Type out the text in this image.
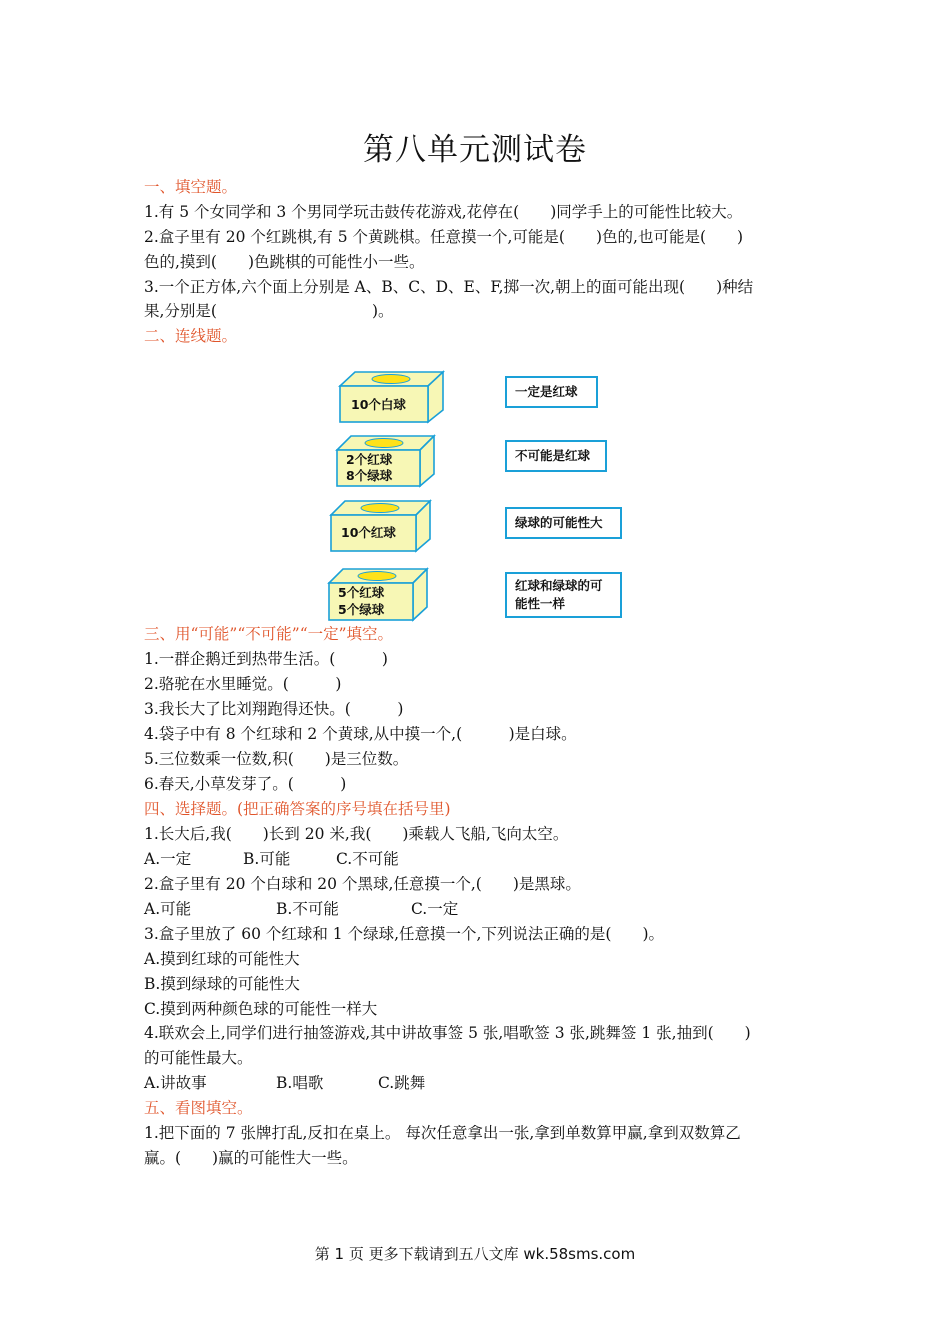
第八单元测试卷
一、填空题。
1.有 5 个女同学和 3 个男同学玩击鼓传花游戏,花停在(　　)同学手上的可能性比较大。
2.盒子里有 20 个红跳棋,有 5 个黄跳棋。任意摸一个,可能是(　　)色的,也可能是(　　)
色的,摸到(　　)色跳棋的可能性小一些。
3.一个正方体,六个面上分别是 A、B、C、D、E、F,掷一次,朝上的面可能出现(　　)种结
果,分别是(　　　　　　　　　　)。
二、连线题。
10个白球
2个红球
8个绿球
10个红球
5个红球
5个绿球
一定是红球
不可能是红球
绿球的可能性大
红球和绿球的可
能性一样
三、用“可能”“不可能”“一定”填空。
1.一群企鹅迁到热带生活。(　　　)
2.骆驼在水里睡觉。(　　　)
3.我长大了比刘翔跑得还快。(　　　)
4.袋子中有 8 个红球和 2 个黄球,从中摸一个,(　　　)是白球。
5.三位数乘一位数,积(　　)是三位数。
6.春天,小草发芽了。(　　　)
四、选择题。(把正确答案的序号填在括号里)
1.长大后,我(　　)长到 20 米,我(　　)乘载人飞船,飞向太空。
A.一定	B.可能	C.不可能
2.盒子里有 20 个白球和 20 个黑球,任意摸一个,(　　)是黑球。
A.可能	B.不可能	C.一定
3.盒子里放了 60 个红球和 1 个绿球,任意摸一个,下列说法正确的是(　　)。
A.摸到红球的可能性大
B.摸到绿球的可能性大
C.摸到两种颜色球的可能性一样大
4.联欢会上,同学们进行抽签游戏,其中讲故事签 5 张,唱歌签 3 张,跳舞签 1 张,抽到(　　)
的可能性最大。
A.讲故事	B.唱歌	C.跳舞
五、看图填空。
1.把下面的 7 张牌打乱,反扣在桌上。 每次任意拿出一张,拿到单数算甲赢,拿到双数算乙
赢。(　　)赢的可能性大一些。
第 1 页 更多下载请到五八文库 wk.58sms.com
